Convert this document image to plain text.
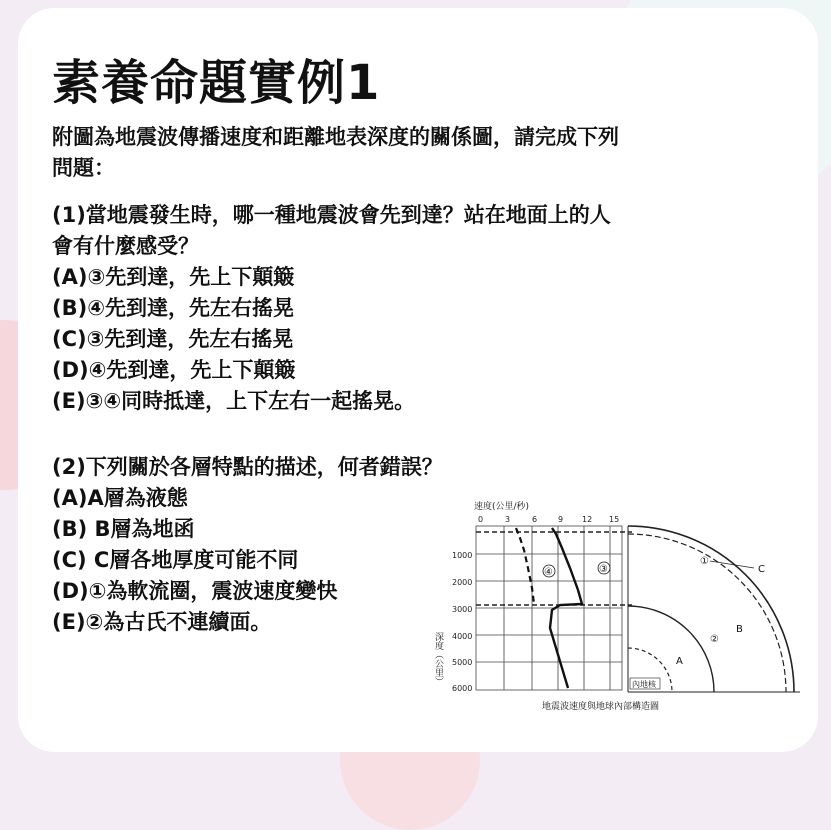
+ + +
+ +
+
素養命題實例1
附圖為地震波傳播速度和距離地表深度的關係圖，請完成下列
問題：
(1)當地震發生時，哪一種地震波會先到達？站在地面上的人
會有什麼感受？
(A)③先到達，先上下顛簸
(B)④先到達，先左右搖晃
(C)③先到達，先左右搖晃
(D)④先到達，先上下顛簸
(E)③④同時抵達，上下左右一起搖晃。
(2)下列關於各層特點的描述，何者錯誤？
(A)A層為液態
(B) B層為地函
(C) C層各地厚度可能不同
(D)①為軟流圈，震波速度變快
(E)②為古氏不連續面。
速度(公里/秒)
0	3	6	9 12 15
1000
2000
3000
4000
5000
6000
深度（公里）
④	③
①
C
②
B
A
內地核
地震波速度與地球內部構造圖
